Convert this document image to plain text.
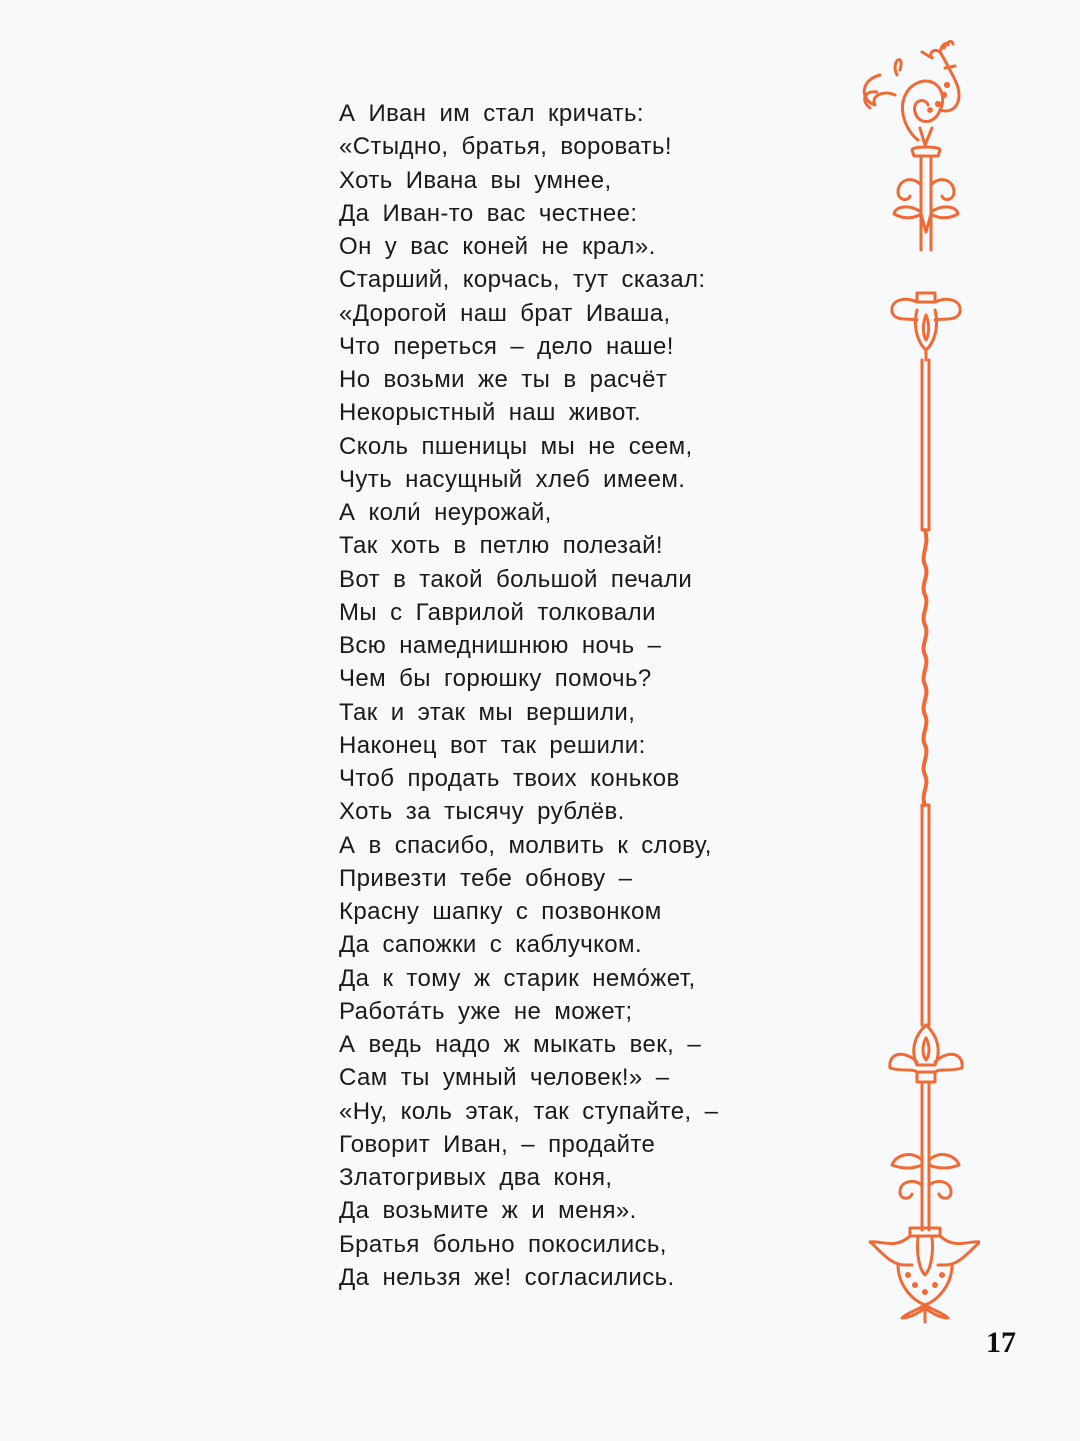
А Иван им стал кричать:
«Стыдно, братья, воровать!
Хоть Ивана вы умнее,
Да Иван-то вас честнее:
Он у вас коней не крал».
Старший, корчась, тут сказал:
«Дорогой наш брат Иваша,
Что переться – дело наше!
Но возьми же ты в расчёт
Некорыстный наш живот.
Сколь пшеницы мы не сеем,
Чуть насущный хлеб имеем.
А коли́ неурожай,
Так хоть в петлю полезай!
Вот в такой большой печали
Мы с Гаврилой толковали
Всю намеднишнюю ночь –
Чем бы горюшку помочь?
Так и этак мы вершили,
Наконец вот так решили:
Чтоб продать твоих коньков
Хоть за тысячу рублёв.
А в спасибо, молвить к слову,
Привезти тебе обнову –
Красну шапку с позвонком
Да сапожки с каблучком.
Да к тому ж старик немо́жет,
Работа́ть уже не может;
А ведь надо ж мыкать век, –
Сам ты умный человек!» –
«Ну, коль этак, так ступайте, –
Говорит Иван, – продайте
Златогривых два коня,
Да возьмите ж и меня».
Братья больно покосились,
Да нельзя же! согласились.
17
